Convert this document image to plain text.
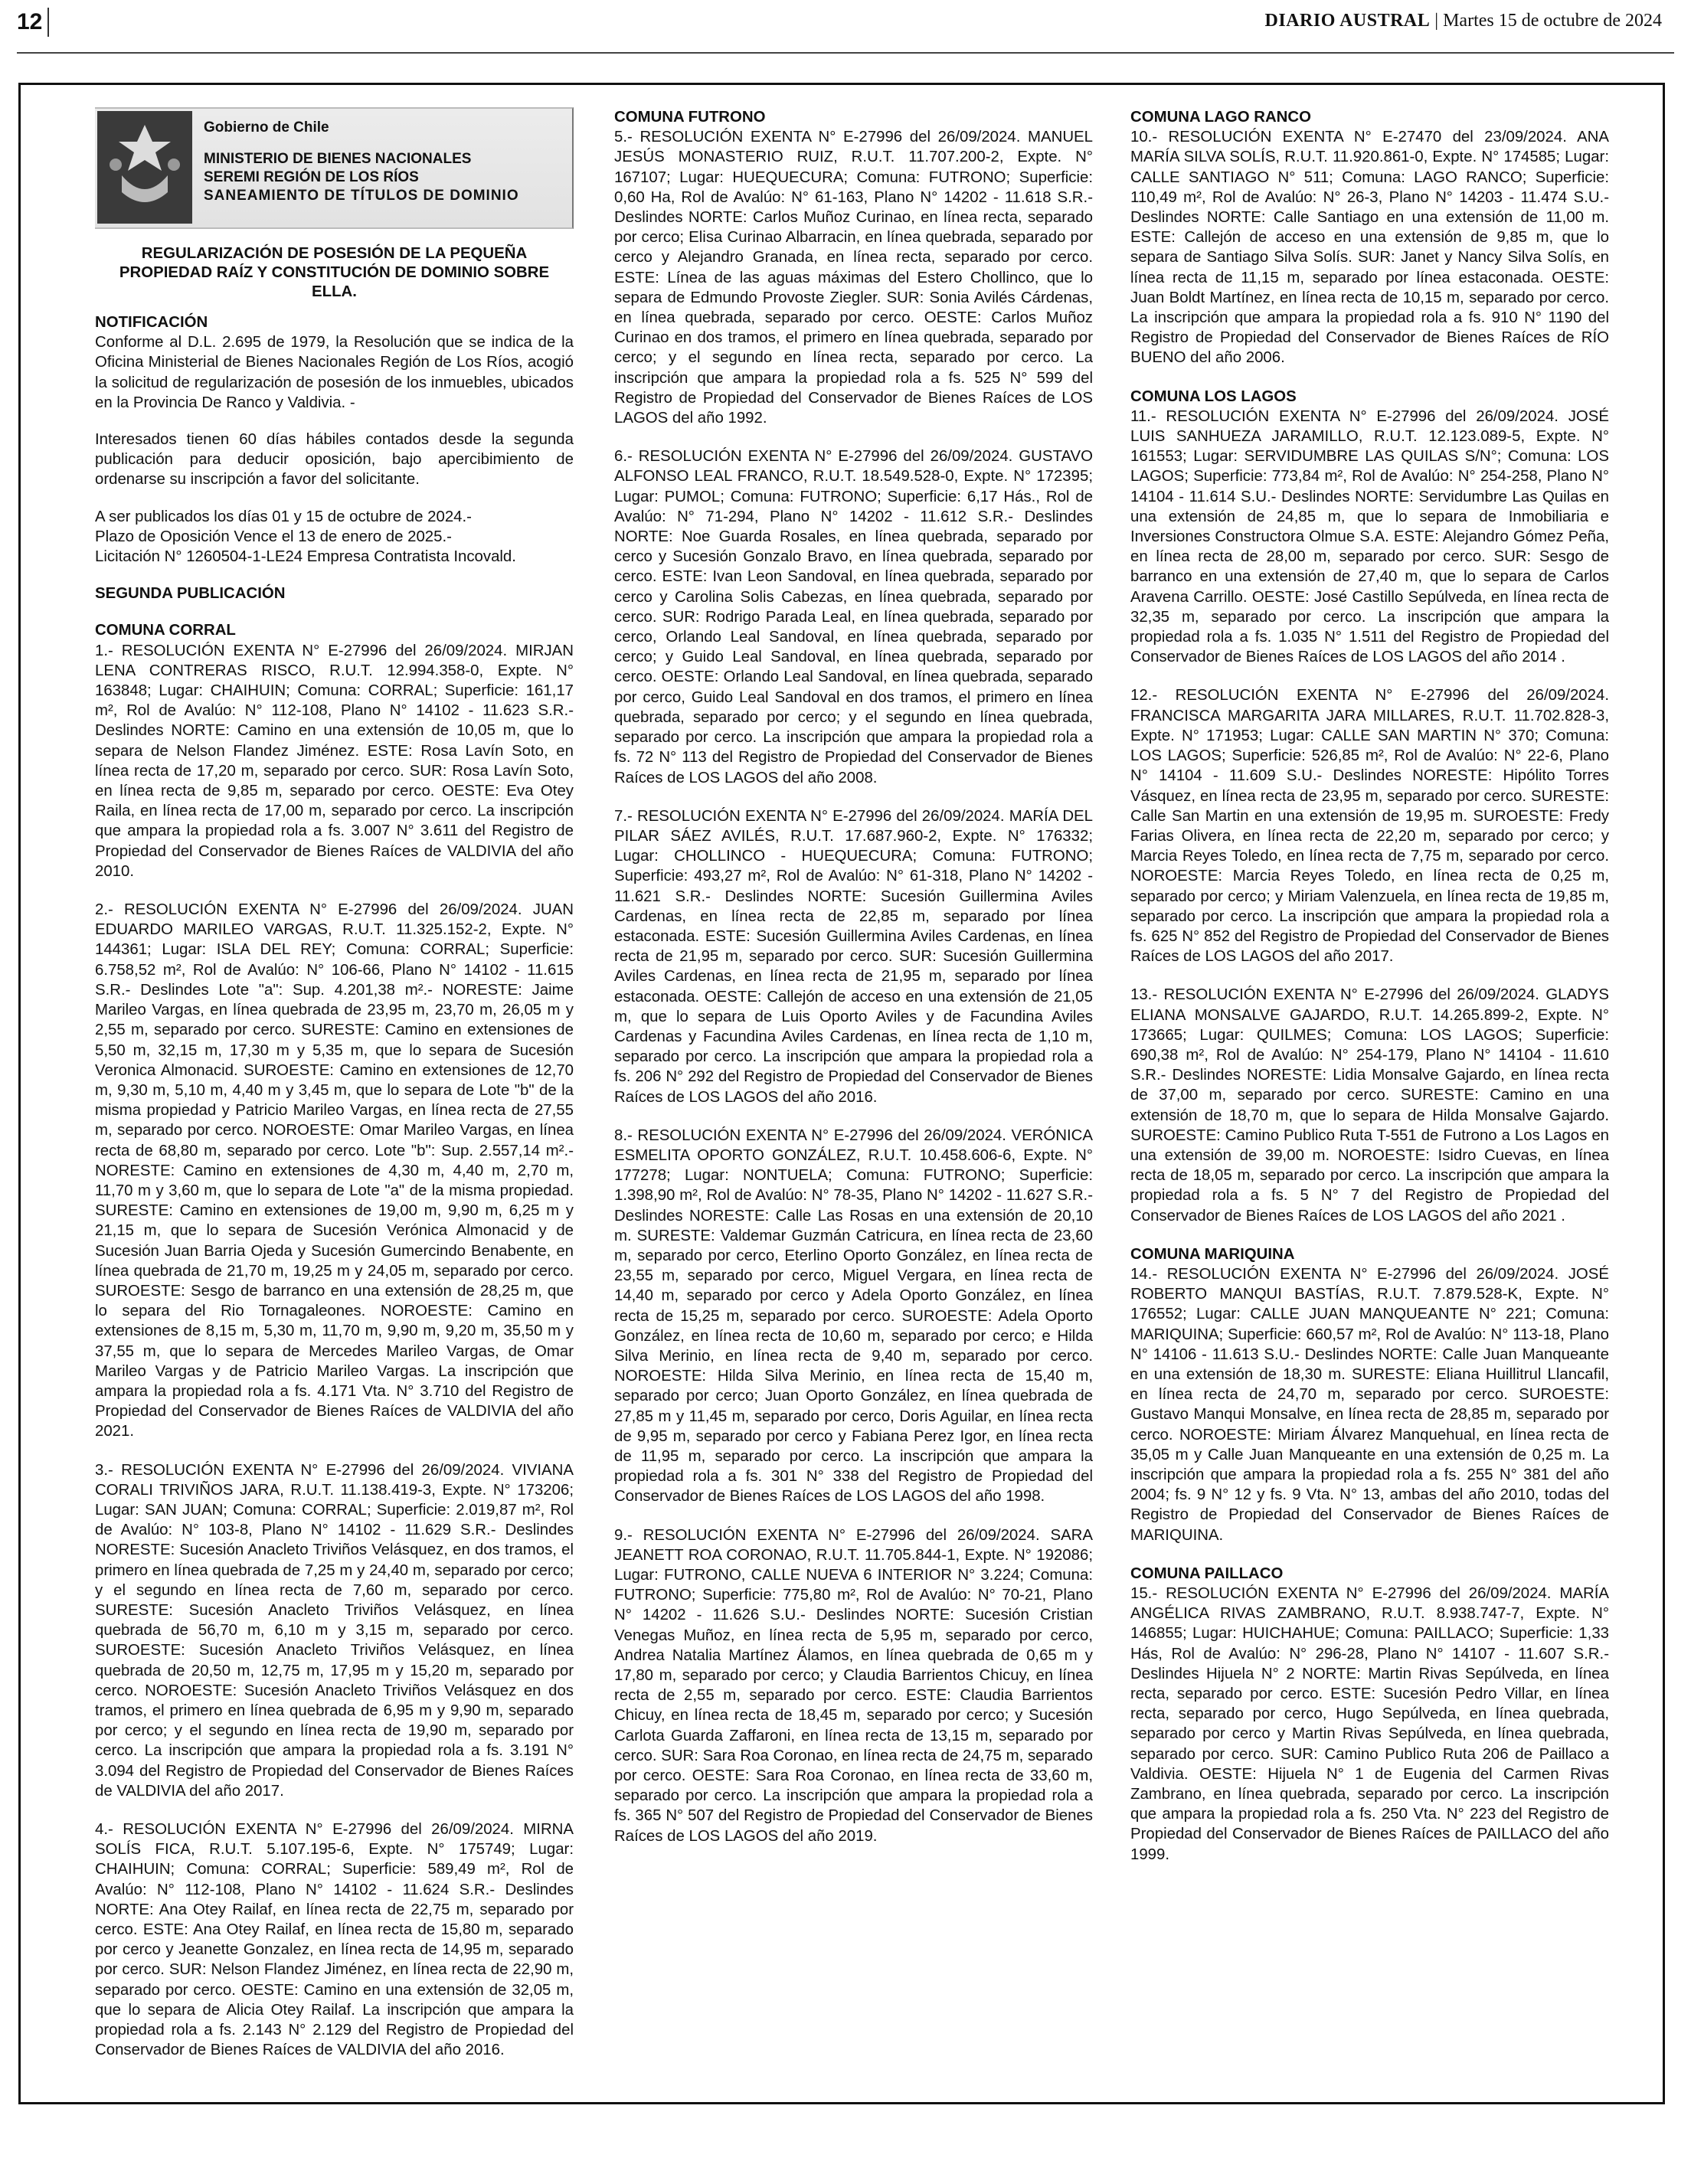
12	DIARIO AUSTRAL | Martes 15 de octubre de 2024
Gobierno de Chile
MINISTERIO DE BIENES NACIONALES
SEREMI REGIÓN DE LOS RÍOS
SANEAMIENTO DE TÍTULOS DE DOMINIO
REGULARIZACIÓN DE POSESIÓN DE LA PEQUEÑA PROPIEDAD RAÍZ Y CONSTITUCIÓN DE DOMINIO SOBRE ELLA.
NOTIFICACIÓN

Conforme al D.L. 2.695 de 1979, la Resolución que se indica de la Oficina Ministerial de Bienes Nacionales Región de Los Ríos, acogió la solicitud de regularización de posesión de los inmuebles, ubicados en la Provincia De Ranco y Valdivia. -

Interesados tienen 60 días hábiles contados desde la segunda publicación para deducir oposición, bajo apercibimiento de ordenarse su inscripción a favor del solicitante.

A ser publicados los días 01 y 15 de octubre de 2024.-

Plazo de Oposición Vence el 13 de enero de 2025.-

Licitación N° 1260504-1-LE24 Empresa Contratista Incovald.

SEGUNDA PUBLICACIÓN
COMUNA CORRAL

1.- RESOLUCIÓN EXENTA N° E-27996 del 26/09/2024. MIRJAN LENA CONTRERAS RISCO, R.U.T. 12.994.358-0, Expte. N° 163848; Lugar: CHAIHUIN; Comuna: CORRAL; Superficie: 161,17 m², Rol de Avalúo: N° 112-108, Plano N° 14102 - 11.623 S.R.- Deslindes NORTE: Camino en una extensión de 10,05 m, que lo separa de Nelson Flandez Jiménez. ESTE: Rosa Lavín Soto, en línea recta de 17,20 m, separado por cerco. SUR: Rosa Lavín Soto, en línea recta de 9,85 m, separado por cerco. OESTE: Eva Otey Raila, en línea recta de 17,00 m, separado por cerco. La inscripción que ampara la propiedad rola a fs. 3.007 N° 3.611 del Registro de Propiedad del Conservador de Bienes Raíces de VALDIVIA del año 2010.

2.- RESOLUCIÓN EXENTA N° E-27996 del 26/09/2024. JUAN EDUARDO MARILEO VARGAS, R.U.T. 11.325.152-2, Expte. N° 144361; Lugar: ISLA DEL REY; Comuna: CORRAL; Superficie: 6.758,52 m², Rol de Avalúo: N° 106-66, Plano N° 14102 - 11.615 S.R.- Deslindes Lote "a": Sup. 4.201,38 m².- NORESTE: Jaime Marileo Vargas, en línea quebrada de 23,95 m, 23,70 m, 26,05 m y 2,55 m, separado por cerco. SURESTE: Camino en extensiones de 5,50 m, 32,15 m, 17,30 m y 5,35 m, que lo separa de Sucesión Veronica Almonacid. SUROESTE: Camino en extensiones de 12,70 m, 9,30 m, 5,10 m, 4,40 m y 3,45 m, que lo separa de Lote "b" de la misma propiedad y Patricio Marileo Vargas, en línea recta de 27,55 m, separado por cerco. NOROESTE: Omar Marileo Vargas, en línea recta de 68,80 m, separado por cerco. Lote "b": Sup. 2.557,14 m².- NORESTE: Camino en extensiones de 4,30 m, 4,40 m, 2,70 m, 11,70 m y 3,60 m, que lo separa de Lote "a" de la misma propiedad. SURESTE: Camino en extensiones de 19,00 m, 9,90 m, 6,25 m y 21,15 m, que lo separa de Sucesión Verónica Almonacid y de Sucesión Juan Barria Ojeda y Sucesión Gumercindo Benabente, en línea quebrada de 21,70 m, 19,25 m y 24,05 m, separado por cerco. SUROESTE: Sesgo de barranco en una extensión de 28,25 m, que lo separa del Rio Tornagaleones. NOROESTE: Camino en extensiones de 8,15 m, 5,30 m, 11,70 m, 9,90 m, 9,20 m, 35,50 m y 37,55 m, que lo separa de Mercedes Marileo Vargas, de Omar Marileo Vargas y de Patricio Marileo Vargas. La inscripción que ampara la propiedad rola a fs. 4.171 Vta. N° 3.710 del Registro de Propiedad del Conservador de Bienes Raíces de VALDIVIA del año 2021.

3.- RESOLUCIÓN EXENTA N° E-27996 del 26/09/2024. VIVIANA CORALI TRIVIÑOS JARA, R.U.T. 11.138.419-3, Expte. N° 173206; Lugar: SAN JUAN; Comuna: CORRAL; Superficie: 2.019,87 m², Rol de Avalúo: N° 103-8, Plano N° 14102 - 11.629 S.R.- Deslindes NORESTE: Sucesión Anacleto Triviños Velásquez, en dos tramos, el primero en línea quebrada de 7,25 m y 24,40 m, separado por cerco; y el segundo en línea recta de 7,60 m, separado por cerco. SURESTE: Sucesión Anacleto Triviños Velásquez, en línea quebrada de 56,70 m, 6,10 m y 3,15 m, separado por cerco. SUROESTE: Sucesión Anacleto Triviños Velásquez, en línea quebrada de 20,50 m, 12,75 m, 17,95 m y 15,20 m, separado por cerco. NOROESTE: Sucesión Anacleto Triviños Velásquez en dos tramos, el primero en línea quebrada de 6,95 m y 9,90 m, separado por cerco; y el segundo en línea recta de 19,90 m, separado por cerco. La inscripción que ampara la propiedad rola a fs. 3.191 N° 3.094 del Registro de Propiedad del Conservador de Bienes Raíces de VALDIVIA del año 2017.

4.- RESOLUCIÓN EXENTA N° E-27996 del 26/09/2024. MIRNA SOLÍS FICA, R.U.T. 5.107.195-6, Expte. N° 175749; Lugar: CHAIHUIN; Comuna: CORRAL; Superficie: 589,49 m², Rol de Avalúo: N° 112-108, Plano N° 14102 - 11.624 S.R.- Deslindes NORTE: Ana Otey Railaf, en línea recta de 22,75 m, separado por cerco. ESTE: Ana Otey Railaf, en línea recta de 15,80 m, separado por cerco y Jeanette Gonzalez, en línea recta de 14,95 m, separado por cerco. SUR: Nelson Flandez Jiménez, en línea recta de 22,90 m, separado por cerco. OESTE: Camino en una extensión de 32,05 m, que lo separa de Alicia Otey Railaf. La inscripción que ampara la propiedad rola a fs. 2.143 N° 2.129 del Registro de Propiedad del Conservador de Bienes Raíces de VALDIVIA del año 2016.

COMUNA FUTRONO

5.- RESOLUCIÓN EXENTA N° E-27996 del 26/09/2024. MANUEL JESÚS MONASTERIO RUIZ, R.U.T. 11.707.200-2, Expte. N° 167107; Lugar: HUEQUECURA; Comuna: FUTRONO; Superficie: 0,60 Ha, Rol de Avalúo: N° 61-163, Plano N° 14202 - 11.618 S.R.- Deslindes NORTE: Carlos Muñoz Curinao, en línea recta, separado por cerco; Elisa Curinao Albarracin, en línea quebrada, separado por cerco y Alejandro Granada, en línea recta, separado por cerco. ESTE: Línea de las aguas máximas del Estero Chollinco, que lo separa de Edmundo Provoste Ziegler. SUR: Sonia Avilés Cárdenas, en línea quebrada, separado por cerco. OESTE: Carlos Muñoz Curinao en dos tramos, el primero en línea quebrada, separado por cerco; y el segundo en línea recta, separado por cerco. La inscripción que ampara la propiedad rola a fs. 525 N° 599 del Registro de Propiedad del Conservador de Bienes Raíces de LOS LAGOS del año 1992.

6.- RESOLUCIÓN EXENTA N° E-27996 del 26/09/2024. GUSTAVO ALFONSO LEAL FRANCO, R.U.T. 18.549.528-0, Expte. N° 172395; Lugar: PUMOL; Comuna: FUTRONO; Superficie: 6,17 Hás., Rol de Avalúo: N° 71-294, Plano N° 14202 - 11.612 S.R.- Deslindes NORTE: Noe Guarda Rosales, en línea quebrada, separado por cerco y Sucesión Gonzalo Bravo, en línea quebrada, separado por cerco. ESTE: Ivan Leon Sandoval, en línea quebrada, separado por cerco y Carolina Solis Cabezas, en línea quebrada, separado por cerco. SUR: Rodrigo Parada Leal, en línea quebrada, separado por cerco, Orlando Leal Sandoval, en línea quebrada, separado por cerco; y Guido Leal Sandoval, en línea quebrada, separado por cerco. OESTE: Orlando Leal Sandoval, en línea quebrada, separado por cerco, Guido Leal Sandoval en dos tramos, el primero en línea quebrada, separado por cerco; y el segundo en línea quebrada, separado por cerco. La inscripción que ampara la propiedad rola a fs. 72 N° 113 del Registro de Propiedad del Conservador de Bienes Raíces de LOS LAGOS del año 2008.

7.- RESOLUCIÓN EXENTA N° E-27996 del 26/09/2024. MARÍA DEL PILAR SÁEZ AVILÉS, R.U.T. 17.687.960-2, Expte. N° 176332; Lugar: CHOLLINCO - HUEQUECURA; Comuna: FUTRONO; Superficie: 493,27 m², Rol de Avalúo: N° 61-318, Plano N° 14202 - 11.621 S.R.- Deslindes NORTE: Sucesión Guillermina Aviles Cardenas, en línea recta de 22,85 m, separado por línea estaconada. ESTE: Sucesión Guillermina Aviles Cardenas, en línea recta de 21,95 m, separado por cerco. SUR: Sucesión Guillermina Aviles Cardenas, en línea recta de 21,95 m, separado por línea estaconada. OESTE: Callejón de acceso en una extensión de 21,05 m, que lo separa de Luis Oporto Aviles y de Facundina Aviles Cardenas y Facundina Aviles Cardenas, en línea recta de 1,10 m, separado por cerco. La inscripción que ampara la propiedad rola a fs. 206 N° 292 del Registro de Propiedad del Conservador de Bienes Raíces de LOS LAGOS del año 2016.

8.- RESOLUCIÓN EXENTA N° E-27996 del 26/09/2024. VERÓNICA ESMELITA OPORTO GONZÁLEZ, R.U.T. 10.458.606-6, Expte. N° 177278; Lugar: NONTUELA; Comuna: FUTRONO; Superficie: 1.398,90 m², Rol de Avalúo: N° 78-35, Plano N° 14202 - 11.627 S.R.- Deslindes NORESTE: Calle Las Rosas en una extensión de 20,10 m. SURESTE: Valdemar Guzmán Catricura, en línea recta de 23,60 m, separado por cerco, Eterlino Oporto González, en línea recta de 23,55 m, separado por cerco, Miguel Vergara, en línea recta de 14,40 m, separado por cerco y Adela Oporto González, en línea recta de 15,25 m, separado por cerco. SUROESTE: Adela Oporto González, en línea recta de 10,60 m, separado por cerco; e Hilda Silva Merinio, en línea recta de 9,40 m, separado por cerco. NOROESTE: Hilda Silva Merinio, en línea recta de 15,40 m, separado por cerco; Juan Oporto González, en línea quebrada de 27,85 m y 11,45 m, separado por cerco, Doris Aguilar, en línea recta de 9,95 m, separado por cerco y Fabiana Perez Igor, en línea recta de 11,95 m, separado por cerco. La inscripción que ampara la propiedad rola a fs. 301 N° 338 del Registro de Propiedad del Conservador de Bienes Raíces de LOS LAGOS del año 1998.

9.- RESOLUCIÓN EXENTA N° E-27996 del 26/09/2024. SARA JEANETT ROA CORONAO, R.U.T. 11.705.844-1, Expte. N° 192086; Lugar: FUTRONO, CALLE NUEVA 6 INTERIOR N° 3.224; Comuna: FUTRONO; Superficie: 775,80 m², Rol de Avalúo: N° 70-21, Plano N° 14202 - 11.626 S.U.- Deslindes NORTE: Sucesión Cristian Venegas Muñoz, en línea recta de 5,95 m, separado por cerco, Andrea Natalia Martínez Álamos, en línea quebrada de 0,65 m y 17,80 m, separado por cerco; y Claudia Barrientos Chicuy, en línea recta de 2,55 m, separado por cerco. ESTE: Claudia Barrientos Chicuy, en línea recta de 18,45 m, separado por cerco; y Sucesión Carlota Guarda Zaffaroni, en línea recta de 13,15 m, separado por cerco. SUR: Sara Roa Coronao, en línea recta de 24,75 m, separado por cerco. OESTE: Sara Roa Coronao, en línea recta de 33,60 m, separado por cerco. La inscripción que ampara la propiedad rola a fs. 365 N° 507 del Registro de Propiedad del Conservador de Bienes Raíces de LOS LAGOS del año 2019.

COMUNA LAGO RANCO

10.- RESOLUCIÓN EXENTA N° E-27470 del 23/09/2024. ANA MARÍA SILVA SOLÍS, R.U.T. 11.920.861-0, Expte. N° 174585; Lugar: CALLE SANTIAGO N° 511; Comuna: LAGO RANCO; Superficie: 110,49 m², Rol de Avalúo: N° 26-3, Plano N° 14203 - 11.474 S.U.- Deslindes NORTE: Calle Santiago en una extensión de 11,00 m. ESTE: Callejón de acceso en una extensión de 9,85 m, que lo separa de Santiago Silva Solís. SUR: Janet y Nancy Silva Solís, en línea recta de 11,15 m, separado por línea estaconada. OESTE: Juan Boldt Martínez, en línea recta de 10,15 m, separado por cerco. La inscripción que ampara la propiedad rola a fs. 910 N° 1190 del Registro de Propiedad del Conservador de Bienes Raíces de RÍO BUENO del año 2006.

COMUNA LOS LAGOS

11.- RESOLUCIÓN EXENTA N° E-27996 del 26/09/2024. JOSÉ LUIS SANHUEZA JARAMILLO, R.U.T. 12.123.089-5, Expte. N° 161553; Lugar: SERVIDUMBRE LAS QUILAS S/N°; Comuna: LOS LAGOS; Superficie: 773,84 m², Rol de Avalúo: N° 254-258, Plano N° 14104 - 11.614 S.U.- Deslindes NORTE: Servidumbre Las Quilas en una extensión de 24,85 m, que lo separa de Inmobiliaria e Inversiones Constructora Olmue S.A. ESTE: Alejandro Gómez Peña, en línea recta de 28,00 m, separado por cerco. SUR: Sesgo de barranco en una extensión de 27,40 m, que lo separa de Carlos Aravena Carrillo. OESTE: José Castillo Sepúlveda, en línea recta de 32,35 m, separado por cerco. La inscripción que ampara la propiedad rola a fs. 1.035 N° 1.511 del Registro de Propiedad del Conservador de Bienes Raíces de LOS LAGOS del año 2014 .

12.- RESOLUCIÓN EXENTA N° E-27996 del 26/09/2024. FRANCISCA MARGARITA JARA MILLARES, R.U.T. 11.702.828-3, Expte. N° 171953; Lugar: CALLE SAN MARTIN N° 370; Comuna: LOS LAGOS; Superficie: 526,85 m², Rol de Avalúo: N° 22-6, Plano N° 14104 - 11.609 S.U.- Deslindes NORESTE: Hipólito Torres Vásquez, en línea recta de 23,95 m, separado por cerco. SURESTE: Calle San Martin en una extensión de 19,95 m. SUROESTE: Fredy Farias Olivera, en línea recta de 22,20 m, separado por cerco; y Marcia Reyes Toledo, en línea recta de 7,75 m, separado por cerco. NOROESTE: Marcia Reyes Toledo, en línea recta de 0,25 m, separado por cerco; y Miriam Valenzuela, en línea recta de 19,85 m, separado por cerco. La inscripción que ampara la propiedad rola a fs. 625 N° 852 del Registro de Propiedad del Conservador de Bienes Raíces de LOS LAGOS del año 2017.

13.- RESOLUCIÓN EXENTA N° E-27996 del 26/09/2024. GLADYS ELIANA MONSALVE GAJARDO, R.U.T. 14.265.899-2, Expte. N° 173665; Lugar: QUILMES; Comuna: LOS LAGOS; Superficie: 690,38 m², Rol de Avalúo: N° 254-179, Plano N° 14104 - 11.610 S.R.- Deslindes NORESTE: Lidia Monsalve Gajardo, en línea recta de 37,00 m, separado por cerco. SURESTE: Camino en una extensión de 18,70 m, que lo separa de Hilda Monsalve Gajardo. SUROESTE: Camino Publico Ruta T-551 de Futrono a Los Lagos en una extensión de 39,00 m. NOROESTE: Isidro Cuevas, en línea recta de 18,05 m, separado por cerco. La inscripción que ampara la propiedad rola a fs. 5 N° 7 del Registro de Propiedad del Conservador de Bienes Raíces de LOS LAGOS del año 2021 .

COMUNA MARIQUINA

14.- RESOLUCIÓN EXENTA N° E-27996 del 26/09/2024. JOSÉ ROBERTO MANQUI BASTÍAS, R.U.T. 7.879.528-K, Expte. N° 176552; Lugar: CALLE JUAN MANQUEANTE N° 221; Comuna: MARIQUINA; Superficie: 660,57 m², Rol de Avalúo: N° 113-18, Plano N° 14106 - 11.613 S.U.- Deslindes NORTE: Calle Juan Manqueante en una extensión de 18,30 m. SURESTE: Eliana Huillitrul Llancafil, en línea recta de 24,70 m, separado por cerco. SUROESTE: Gustavo Manqui Monsalve, en línea recta de 28,85 m, separado por cerco. NOROESTE: Miriam Álvarez Manquehual, en línea recta de 35,05 m y Calle Juan Manqueante en una extensión de 0,25 m. La inscripción que ampara la propiedad rola a fs. 255 N° 381 del año 2004; fs. 9 N° 12 y fs. 9 Vta. N° 13, ambas del año 2010, todas del Registro de Propiedad del Conservador de Bienes Raíces de MARIQUINA.

COMUNA PAILLACO

15.- RESOLUCIÓN EXENTA N° E-27996 del 26/09/2024. MARÍA ANGÉLICA RIVAS ZAMBRANO, R.U.T. 8.938.747-7, Expte. N° 146855; Lugar: HUICHAHUE; Comuna: PAILLACO; Superficie: 1,33 Hás, Rol de Avalúo: N° 296-28, Plano N° 14107 - 11.607 S.R.- Deslindes Hijuela N° 2 NORTE: Martin Rivas Sepúlveda, en línea recta, separado por cerco. ESTE: Sucesión Pedro Villar, en línea recta, separado por cerco, Hugo Sepúlveda, en línea quebrada, separado por cerco y Martin Rivas Sepúlveda, en línea quebrada, separado por cerco. SUR: Camino Publico Ruta 206 de Paillaco a Valdivia. OESTE: Hijuela N° 1 de Eugenia del Carmen Rivas Zambrano, en línea quebrada, separado por cerco. La inscripción que ampara la propiedad rola a fs. 250 Vta. N° 223 del Registro de Propiedad del Conservador de Bienes Raíces de PAILLACO del año 1999.
